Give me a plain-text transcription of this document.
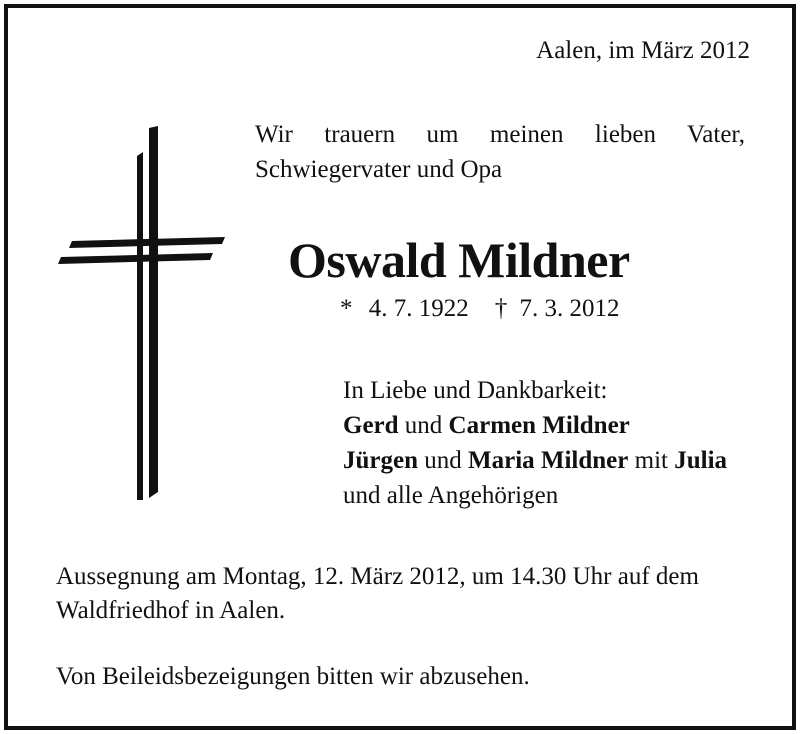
Aalen, im März 2012
Wir trauern um meinen lieben Vater,
Schwiegervater und Opa
Oswald Mildner
* 4. 7. 1922 † 7. 3. 2012
In Liebe und Dankbarkeit:
Gerd und Carmen Mildner
Jürgen und Maria Mildner mit Julia
und alle Angehörigen
Aussegnung am Montag, 12. März 2012, um 14.30 Uhr auf dem Waldfriedhof in Aalen.
Von Beileidsbezeigungen bitten wir abzusehen.
